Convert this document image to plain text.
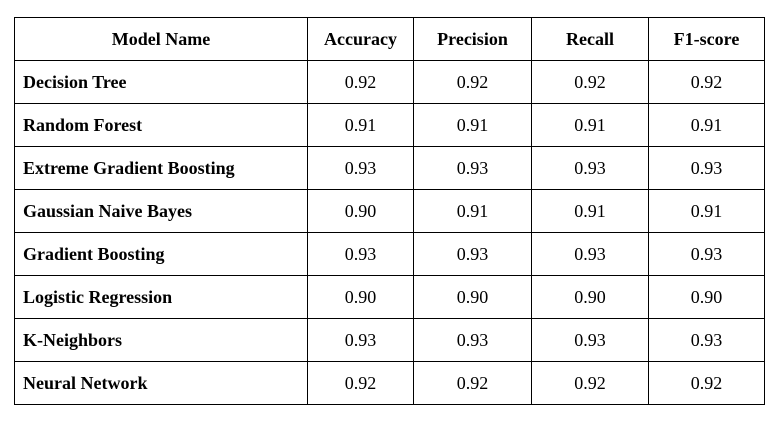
Model Name	Accuracy	Precision	Recall	F1-score
Decision Tree	0.92	0.92	0.92	0.92
Random Forest	0.91	0.91	0.91	0.91
Extreme Gradient Boosting	0.93	0.93	0.93	0.93
Gaussian Naive Bayes	0.90	0.91	0.91	0.91
Gradient Boosting	0.93	0.93	0.93	0.93
Logistic Regression	0.90	0.90	0.90	0.90
K-Neighbors	0.93	0.93	0.93	0.93
Neural Network	0.92	0.92	0.92	0.92
